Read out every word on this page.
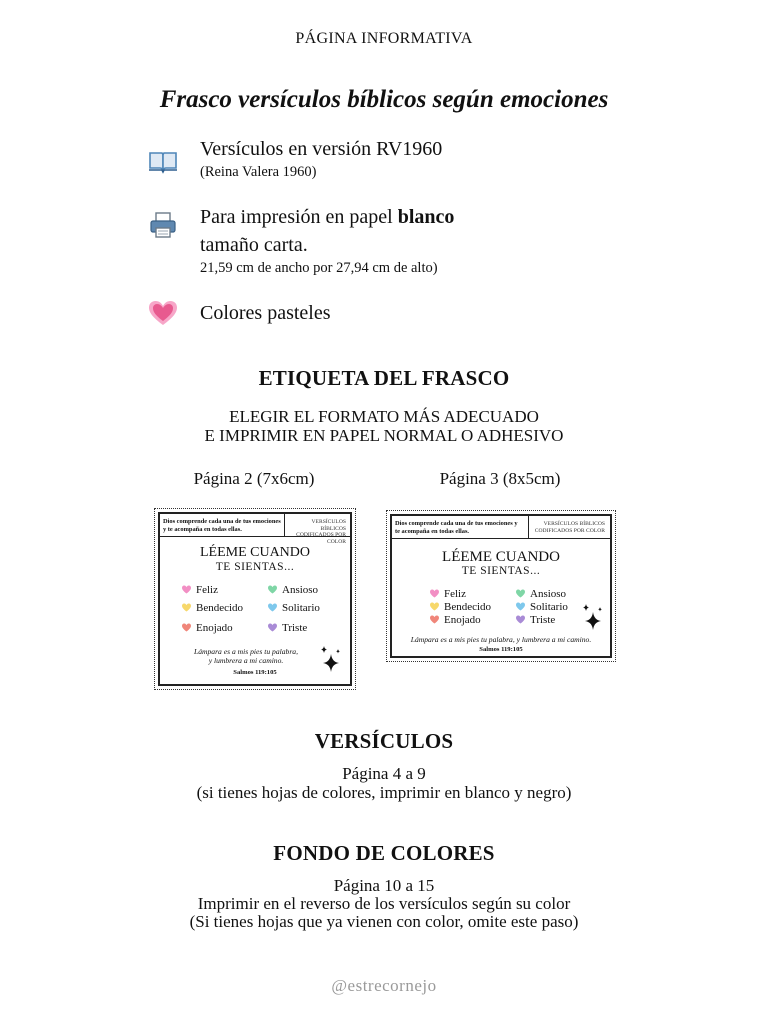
PÁGINA INFORMATIVA
Frasco versículos bíblicos según emociones
Versículos en versión RV1960
(Reina Valera 1960)
Para impresión en papel blanco
tamaño carta.
21,59 cm de ancho por 27,94 cm de alto)
Colores pasteles
ETIQUETA DEL FRASCO
ELEGIR EL FORMATO MÁS ADECUADO
E IMPRIMIR EN PAPEL NORMAL O ADHESIVO
Página 2 (7x6cm)	Página 3 (8x5cm)
Dios comprende cada una de tus emociones y te acompaña en todas ellas.
VERSÍCULOS BÍBLICOS CODIFICADOS POR COLOR
LÉEME CUANDO
TE SIENTAS...
Feliz	Ansioso
Bendecido	Solitario
Enojado	Triste
Lámpara es a mis pies tu palabra,
y lumbrera a mi camino.
Salmos 119:105
Dios comprende cada una de tus emociones y te acompaña en todas ellas.
VERSÍCULOS BÍBLICOS CODIFICADOS POR COLOR
LÉEME CUANDO
TE SIENTAS...
Feliz	Ansioso
Bendecido	Solitario
Enojado	Triste
Lámpara es a mis pies tu palabra, y lumbrera a mi camino.
Salmos 119:105
VERSÍCULOS
Página 4 a 9
(si tienes hojas de colores, imprimir en blanco y negro)
FONDO DE COLORES
Página 10 a 15
Imprimir en el reverso de los versículos según su color
(Si tienes hojas que ya vienen con color, omite este paso)
@estrecornejo
